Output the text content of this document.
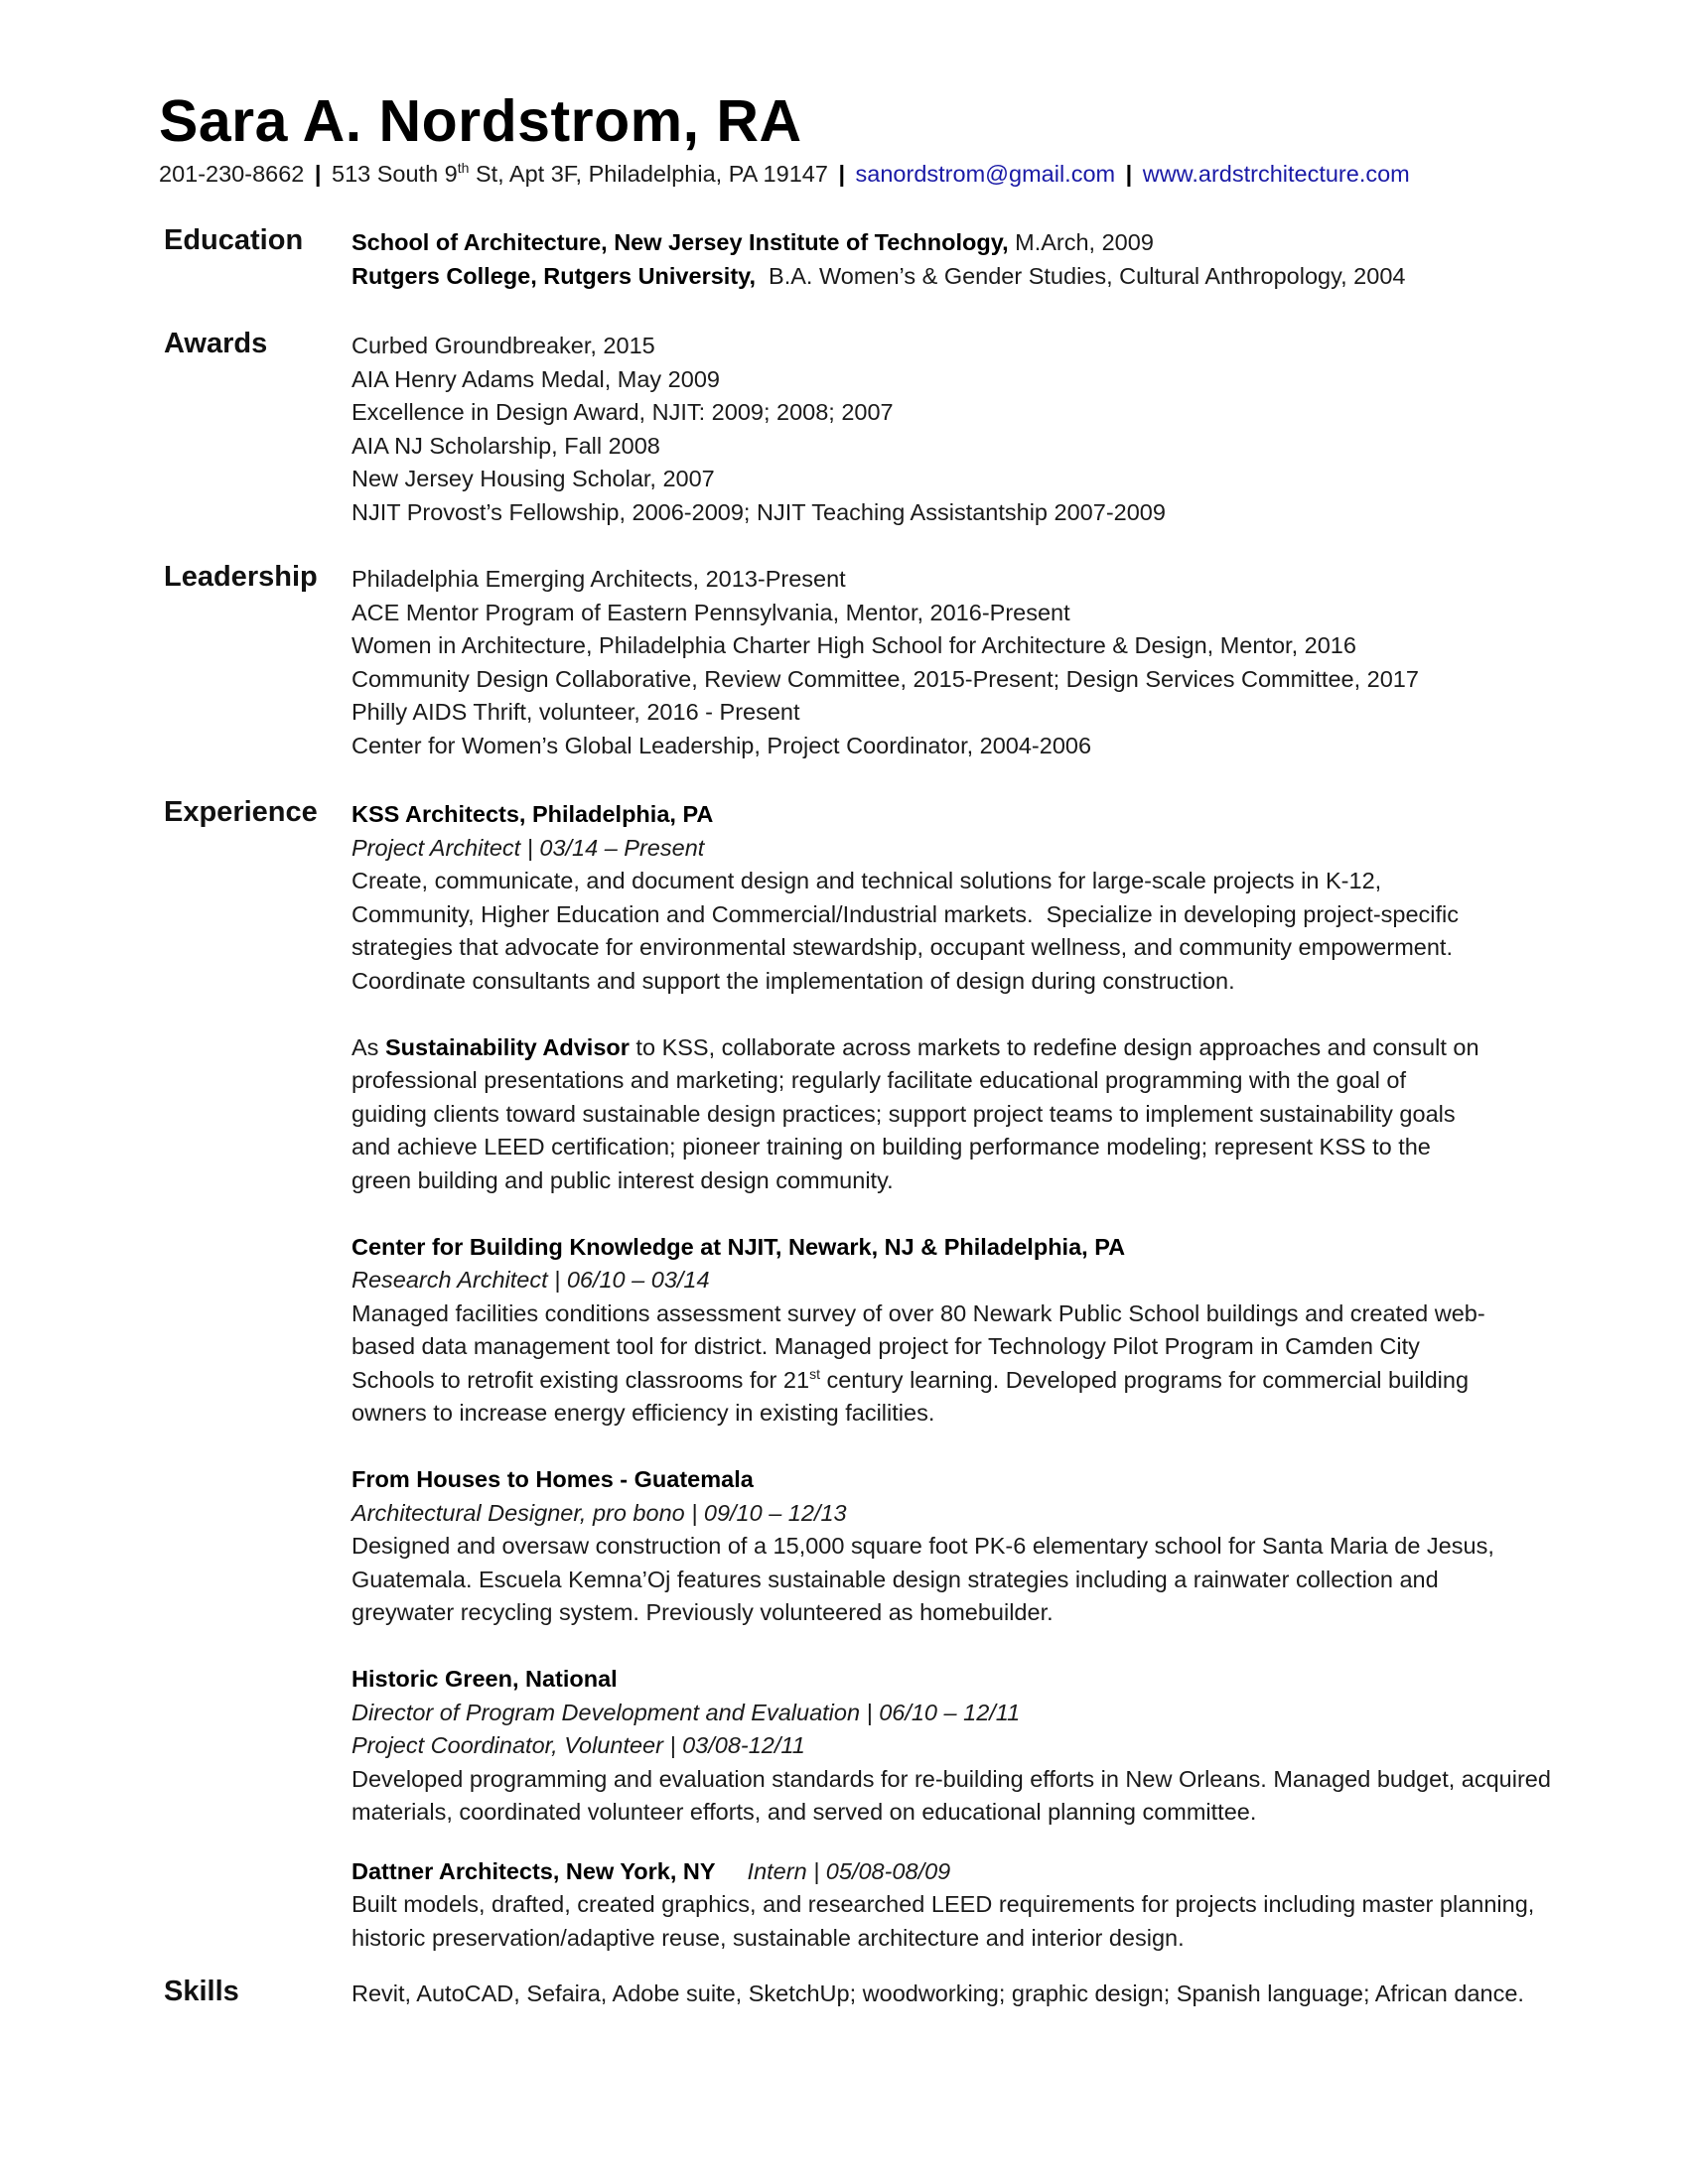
Sara A. Nordstrom, RA
201-230-8662 | 513 South 9th St, Apt 3F, Philadelphia, PA 19147 | sanordstrom@gmail.com | www.ardstrchitecture.com
Education School of Architecture, New Jersey Institute of Technology, M.Arch, 2009
Rutgers College, Rutgers University,  B.A. Women’s & Gender Studies, Cultural Anthropology, 2004
Awards	Curbed Groundbreaker, 2015
AIA Henry Adams Medal, May 2009
Excellence in Design Award, NJIT: 2009; 2008; 2007
AIA NJ Scholarship, Fall 2008
New Jersey Housing Scholar, 2007
NJIT Provost’s Fellowship, 2006-2009; NJIT Teaching Assistantship 2007-2009
Leadership Philadelphia Emerging Architects, 2013-Present
ACE Mentor Program of Eastern Pennsylvania, Mentor, 2016-Present
Women in Architecture, Philadelphia Charter High School for Architecture & Design, Mentor, 2016
Community Design Collaborative, Review Committee, 2015-Present; Design Services Committee, 2017
Philly AIDS Thrift, volunteer, 2016 - Present
Center for Women’s Global Leadership, Project Coordinator, 2004-2006
Experience KSS Architects, Philadelphia, PA
Project Architect | 03/14 – Present
Create, communicate, and document design and technical solutions for large-scale projects in K-12,
Community, Higher Education and Commercial/Industrial markets.  Specialize in developing project-specific
strategies that advocate for environmental stewardship, occupant wellness, and community empowerment.
Coordinate consultants and support the implementation of design during construction.
As Sustainability Advisor to KSS, collaborate across markets to redefine design approaches and consult on
professional presentations and marketing; regularly facilitate educational programming with the goal of
guiding clients toward sustainable design practices; support project teams to implement sustainability goals
and achieve LEED certification; pioneer training on building performance modeling; represent KSS to the
green building and public interest design community.
Center for Building Knowledge at NJIT, Newark, NJ & Philadelphia, PA
Research Architect | 06/10 – 03/14
Managed facilities conditions assessment survey of over 80 Newark Public School buildings and created web-
based data management tool for district. Managed project for Technology Pilot Program in Camden City
Schools to retrofit existing classrooms for 21st century learning. Developed programs for commercial building
owners to increase energy efficiency in existing facilities.
From Houses to Homes - Guatemala
Architectural Designer, pro bono | 09/10 – 12/13
Designed and oversaw construction of a 15,000 square foot PK-6 elementary school for Santa Maria de Jesus,
Guatemala. Escuela Kemna’Oj features sustainable design strategies including a rainwater collection and
greywater recycling system. Previously volunteered as homebuilder.
Historic Green, National
Director of Program Development and Evaluation | 06/10 – 12/11
Project Coordinator, Volunteer | 03/08-12/11
Developed programming and evaluation standards for re-building efforts in New Orleans. Managed budget, acquired
materials, coordinated volunteer efforts, and served on educational planning committee.
Dattner Architects, New York, NY Intern | 05/08-08/09
Built models, drafted, created graphics, and researched LEED requirements for projects including master planning,
historic preservation/adaptive reuse, sustainable architecture and interior design.
Skills	Revit, AutoCAD, Sefaira, Adobe suite, SketchUp; woodworking; graphic design; Spanish language; African dance.
